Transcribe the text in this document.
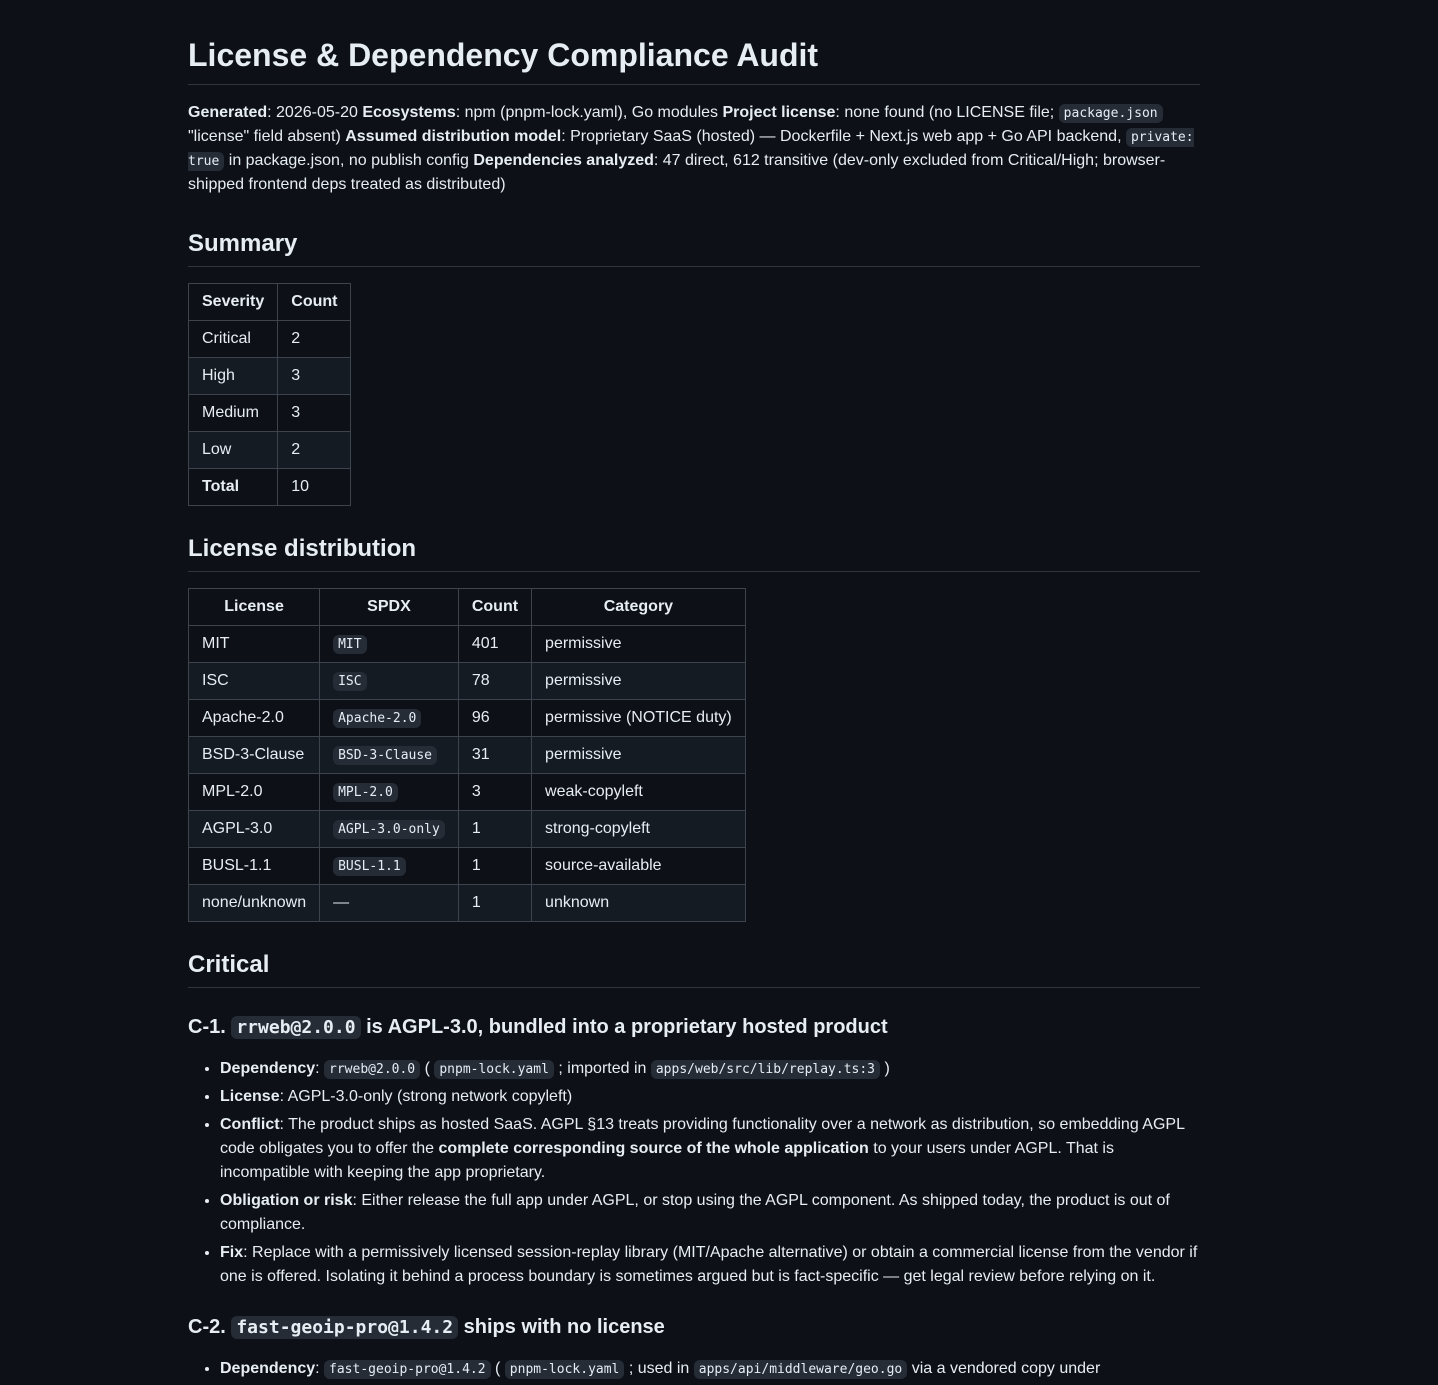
License & Dependency Compliance Audit

Generated: 2026-05-20 Ecosystems: npm (pnpm-lock.yaml), Go modules Project license: none found (no LICENSE file; package.json "license" field absent) Assumed distribution model: Proprietary SaaS (hosted) — Dockerfile + Next.js web app + Go API backend, private: true in package.json, no publish config Dependencies analyzed: 47 direct, 612 transitive (dev-only excluded from Critical/High; browser-shipped frontend deps treated as distributed)

Summary
Severity	Count
Critical	2
High	3
Medium	3
Low	2
Total	10
License distribution
License	SPDX	Count	Category
MIT	MIT	401	permissive
ISC	ISC	78	permissive
Apache-2.0	Apache-2.0	96	permissive (NOTICE duty)
BSD-3-Clause	BSD-3-Clause	31	permissive
MPL-2.0	MPL-2.0	3	weak-copyleft
AGPL-3.0	AGPL-3.0-only	1	strong-copyleft
BUSL-1.1	BUSL-1.1	1	source-available
none/unknown	—	1	unknown
Critical
C-1. rrweb@2.0.0 is AGPL-3.0, bundled into a proprietary hosted product
• Dependency: rrweb@2.0.0 ( pnpm-lock.yaml ; imported in apps/web/src/lib/replay.ts:3 )
• License: AGPL-3.0-only (strong network copyleft)
• Conflict: The product ships as hosted SaaS. AGPL §13 treats providing functionality over a network as distribution, so embedding AGPL code obligates you to offer the complete corresponding source of the whole application to your users under AGPL. That is incompatible with keeping the app proprietary.
• Obligation or risk: Either release the full app under AGPL, or stop using the AGPL component. As shipped today, the product is out of compliance.
• Fix: Replace with a permissively licensed session-replay library (MIT/Apache alternative) or obtain a commercial license from the vendor if one is offered. Isolating it behind a process boundary is sometimes argued but is fact-specific — get legal review before relying on it.
C-2. fast-geoip-pro@1.4.2 ships with no license
• Dependency: fast-geoip-pro@1.4.2 ( pnpm-lock.yaml ; used in apps/api/middleware/geo.go via a vendored copy under
